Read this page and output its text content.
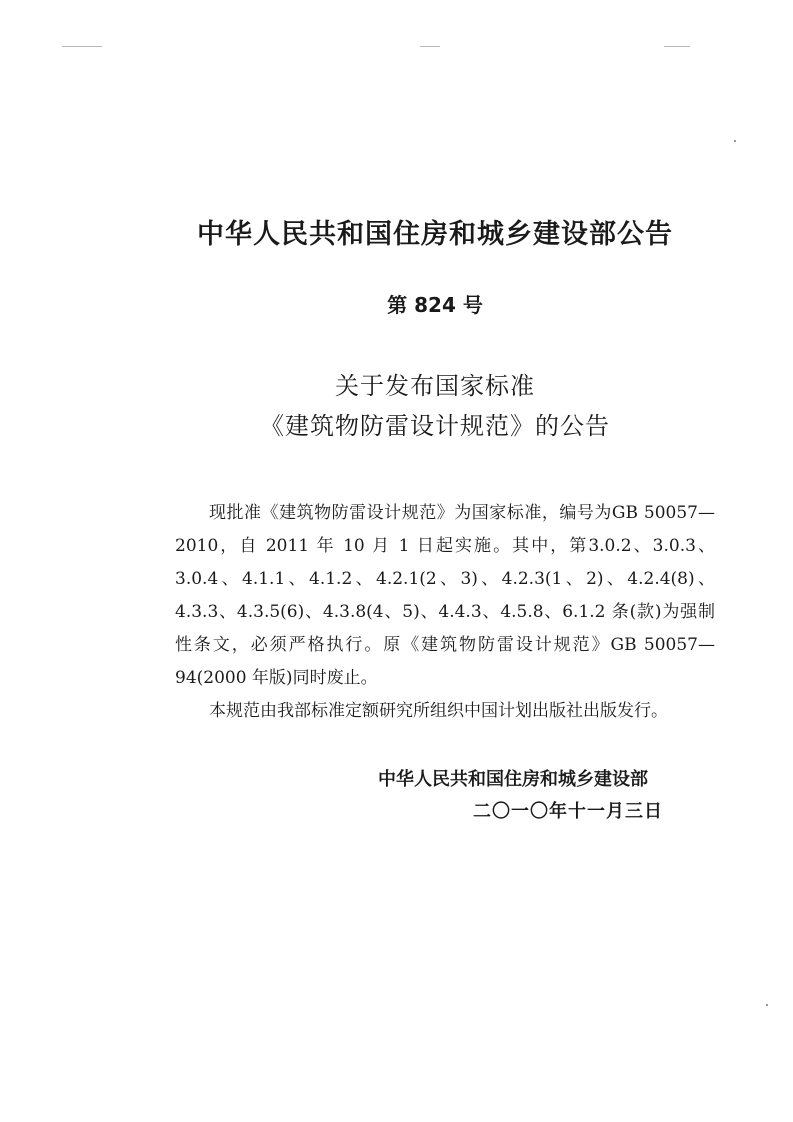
中华人民共和国住房和城乡建设部公告
第 824 号
关于发布国家标准
《建筑物防雷设计规范》的公告

现批准《建筑物防雷设计规范》为国家标准，编号为GB 50057—2010，自 2011 年 10 月 1 日起实施。其中，第3.0.2、3.0.3、3.0.4、4.1.1、4.1.2、4.2.1(2、3)、4.2.3(1、2)、4.2.4(8)、4.3.3、4.3.5(6)、4.3.8(4、5)、4.4.3、4.5.8、6.1.2 条(款)为强制性条文，必须严格执行。原《建筑物防雷设计规范》GB 50057—94(2000 年版)同时废止。

本规范由我部标准定额研究所组织中国计划出版社出版发行。

中华人民共和国住房和城乡建设部
二〇一〇年十一月三日
